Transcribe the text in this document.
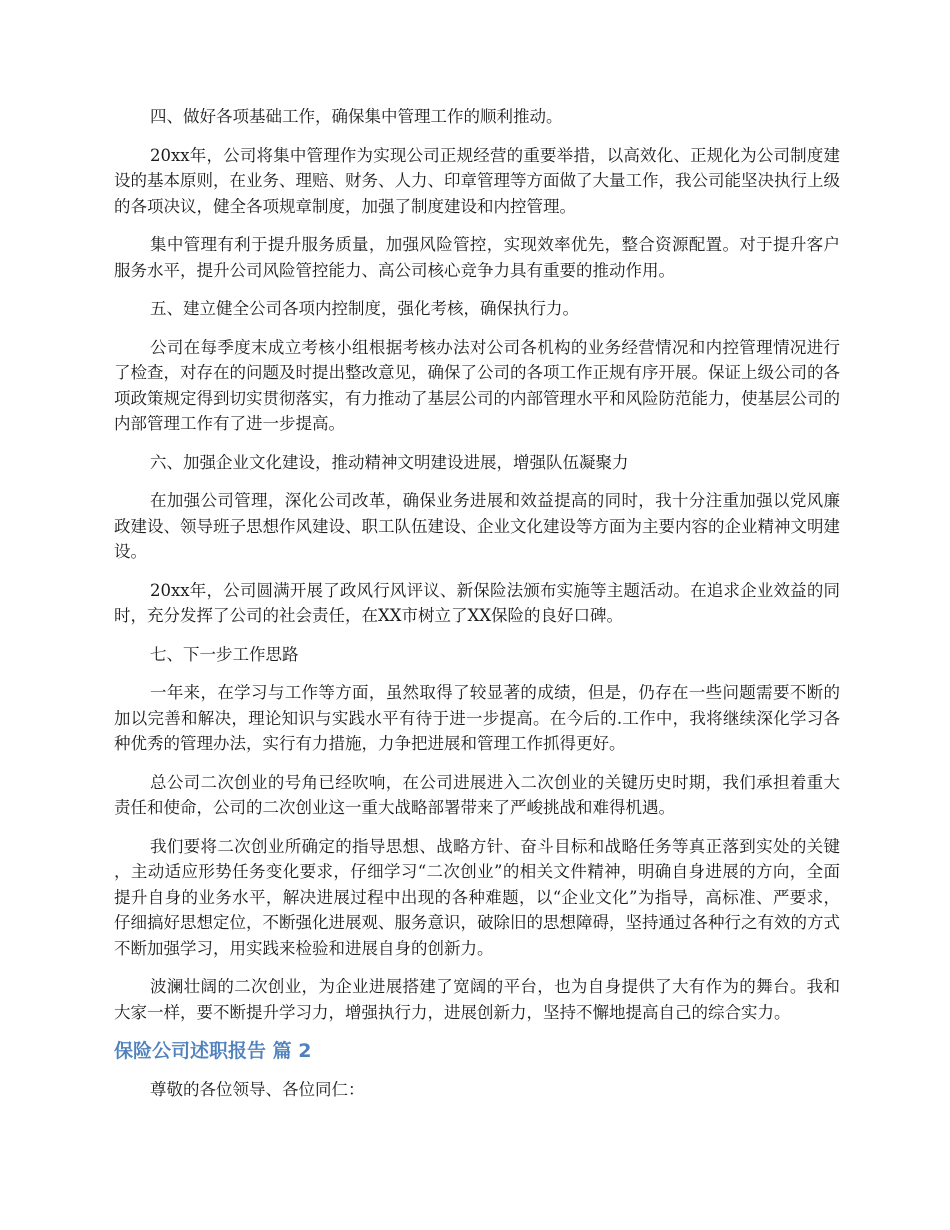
四、做好各项基础工作，确保集中管理工作的顺利推动。

20xx年，公司将集中管理作为实现公司正规经营的重要举措，以高效化、正规化为公司制度建设的基本原则，在业务、理赔、财务、人力、印章管理等方面做了大量工作，我公司能坚决执行上级的各项决议，健全各项规章制度，加强了制度建设和内控管理。

集中管理有利于提升服务质量，加强风险管控，实现效率优先，整合资源配置。对于提升客户服务水平，提升公司风险管控能力、高公司核心竞争力具有重要的推动作用。

五、建立健全公司各项内控制度，强化考核，确保执行力。

公司在每季度末成立考核小组根据考核办法对公司各机构的业务经营情况和内控管理情况进行了检查，对存在的问题及时提出整改意见，确保了公司的各项工作正规有序开展。保证上级公司的各项政策规定得到切实贯彻落实，有力推动了基层公司的内部管理水平和风险防范能力，使基层公司的内部管理工作有了进一步提高。

六、加强企业文化建设，推动精神文明建设进展，增强队伍凝聚力

在加强公司管理，深化公司改革，确保业务进展和效益提高的同时，我十分注重加强以党风廉政建设、领导班子思想作风建设、职工队伍建设、企业文化建设等方面为主要内容的企业精神文明建设。

20xx年，公司圆满开展了政风行风评议、新保险法颁布实施等主题活动。在追求企业效益的同时，充分发挥了公司的社会责任，在XX市树立了XX保险的良好口碑。

七、下一步工作思路

一年来，在学习与工作等方面，虽然取得了较显著的成绩，但是，仍存在一些问题需要不断的加以完善和解决，理论知识与实践水平有待于进一步提高。在今后的.工作中，我将继续深化学习各种优秀的管理办法，实行有力措施，力争把进展和管理工作抓得更好。

总公司二次创业的号角已经吹响，在公司进展进入二次创业的关键历史时期，我们承担着重大责任和使命，公司的二次创业这一重大战略部署带来了严峻挑战和难得机遇。

我们要将二次创业所确定的指导思想、战略方针、奋斗目标和战略任务等真正落到实处的关键，主动适应形势任务变化要求，仔细学习“二次创业”的相关文件精神，明确自身进展的方向，全面提升自身的业务水平，解决进展过程中出现的各种难题，以“企业文化”为指导，高标准、严要求，仔细搞好思想定位，不断强化进展观、服务意识，破除旧的思想障碍，坚持通过各种行之有效的方式不断加强学习，用实践来检验和进展自身的创新力。

波澜壮阔的二次创业，为企业进展搭建了宽阔的平台，也为自身提供了大有作为的舞台。我和大家一样，要不断提升学习力，增强执行力，进展创新力，坚持不懈地提高自己的综合实力。

保险公司述职报告 篇 2

尊敬的各位领导、各位同仁：
